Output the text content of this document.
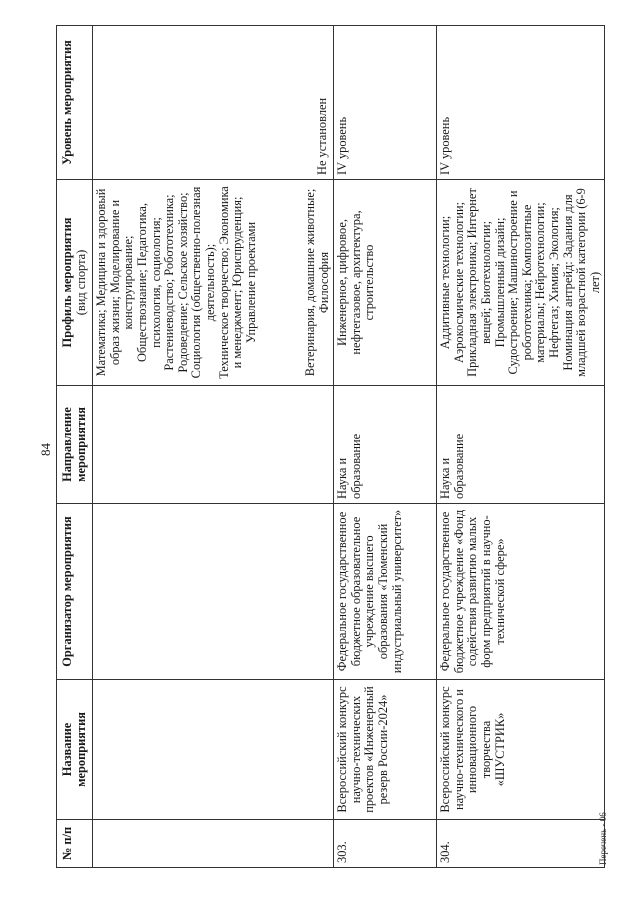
84
№ п/п	Название мероприятия	Организатор мероприятия	Направление мероприятия	Профиль мероприятия (вид спорта)	Уровень мероприятия

				Математика; Медицина и здоровый образ жизни; Моделирование и конструирование; Обществознание; Педагогика, психология, социология; Растениеводство; Робототехника; Родоведение; Сельское хозяйство; Социология (общественно-полезная деятельность); Техническое творчество; Экономика и менеджмент; Юриспруденция; Управление проектами Ветеринария, домашние животные; Философия	Не установлен

303.	Всероссийский конкурс научно-технических проектов «Инженерный резерв России-2024»	Федеральное государственное бюджетное образовательное учреждение высшего образования «Тюменский индустриальный университет»	Наука и образование	Инженерное, цифровое, нефтегазовое, архитектура, строительство	IV уровень
304.	Всероссийский конкурс научно-технического и инновационного творчества «ШУСТРИК»	Федеральное государственное бюджетное учреждение «Фонд содействия развитию малых форм предприятий в научно-технической сфере»	Наука и образование	Аддитивные технологии; Аэрокосмические технологии; Прикладная электроника; Интернет вещей; Биотехнологии; Промышленный дизайн; Судостроение; Машиностроение и робототехника; Композитные материалы; Нейротехнологии; Нефтегаз; Химия; Экология; Номинация антрейд: Задания для младшей возрастной категории (6-9 лет)	IV уровень
Перечень - 06
